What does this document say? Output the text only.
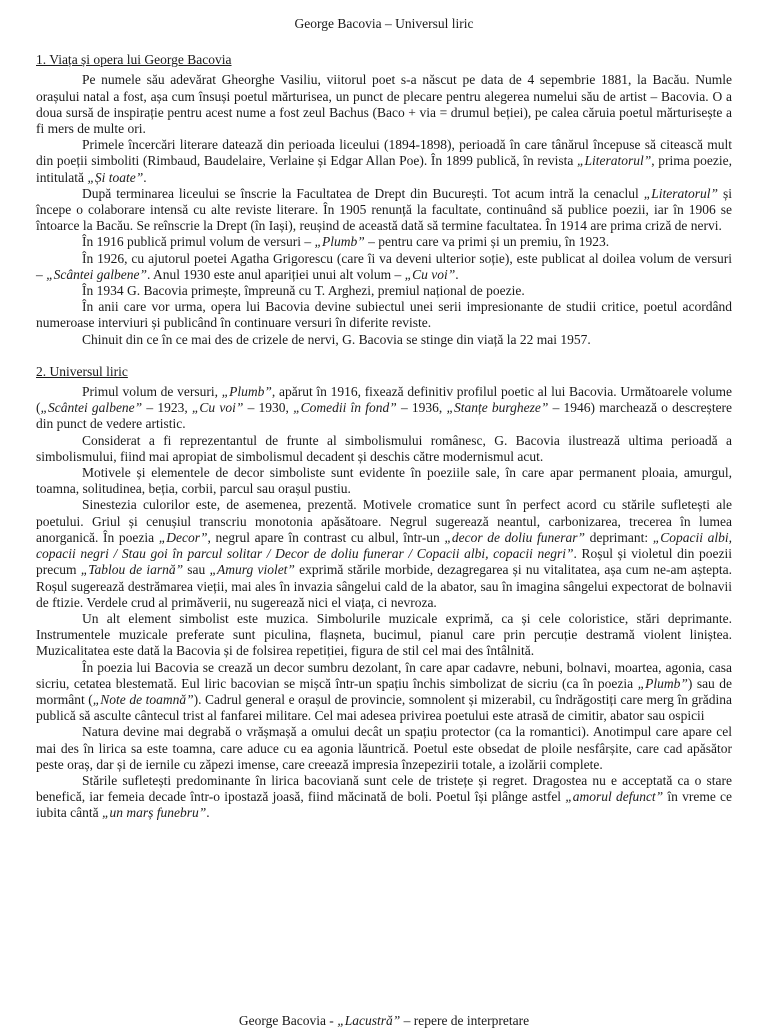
George Bacovia – Universul liric

1. Viața și opera lui George Bacovia

Pe numele său adevărat Gheorghe Vasiliu, viitorul poet s-a născut pe data de 4 sepembrie 1881, la Bacău. Numle orașului natal a fost, așa cum însuși poetul mărturisea, un punct de plecare pentru alegerea numelui său de artist – Bacovia. O a doua sursă de inspirație pentru acest nume a fost zeul Bachus (Baco + via = drumul beției), pe calea căruia poetul mărturisește a fi mers de multe ori.

Primele încercări literare datează din perioada liceului (1894-1898), perioadă în care tânărul începuse să citească mult din poeții simboliti (Rimbaud, Baudelaire, Verlaine și Edgar Allan Poe). În 1899 publică, în revista „Literatorul”, prima poezie, intitulată „Și toate”.

După terminarea liceului se înscrie la Facultatea de Drept din București. Tot acum intră la cenaclul „Literatorul” și începe o colaborare intensă cu alte reviste literare. În 1905 renunță la facultate, continuând să publice poezii, iar în 1906 se întoarce la Bacău. Se reînscrie la Drept (în Iași), reușind de această dată să termine facultatea. În 1914 are prima criză de nervi.

În 1916 publică primul volum de versuri – „Plumb” – pentru care va primi și un premiu, în 1923.

În 1926, cu ajutorul poetei Agatha Grigorescu (care îi va deveni ulterior soție), este publicat al doilea volum de versuri – „Scântei galbene”. Anul 1930 este anul apariției unui alt volum – „Cu voi”.

În 1934 G. Bacovia primește, împreună cu T. Arghezi, premiul național de poezie.

În anii care vor urma, opera lui Bacovia devine subiectul unei serii impresionante de studii critice, poetul acordând numeroase interviuri și publicând în continuare versuri în diferite reviste.

Chinuit din ce în ce mai des de crizele de nervi, G. Bacovia se stinge din viață la 22 mai 1957.

2. Universul liric

Primul volum de versuri, „Plumb”, apărut în 1916, fixează definitiv profilul poetic al lui Bacovia. Următoarele volume („Scântei galbene” – 1923, „Cu voi” – 1930, „Comedii în fond” – 1936, „Stanțe burgheze” – 1946) marchează o descreștere din punct de vedere artistic.

Considerat a fi reprezentantul de frunte al simbolismului românesc, G. Bacovia ilustrează ultima perioadă a simbolismului, fiind mai apropiat de simbolismul decadent și deschis către modernismul acut.

Motivele și elementele de decor simboliste sunt evidente în poeziile sale, în care apar permanent ploaia, amurgul, toamna, solitudinea, beția, corbii, parcul sau orașul pustiu.

Sinestezia culorilor este, de asemenea, prezentă. Motivele cromatice sunt în perfect acord cu stările sufletești ale poetului. Griul și cenușiul transcriu monotonia apăsătoare. Negrul sugerează neantul, carbonizarea, trecerea în lumea anorganică. În poezia „Decor”, negrul apare în contrast cu albul, într-un „decor de doliu funerar” deprimant: „Copacii albi, copacii negri / Stau goi în parcul solitar / Decor de doliu funerar / Copacii albi, copacii negri”. Roșul și violetul din poezii precum „Tablou de iarnă” sau „Amurg violet” exprimă stările morbide, dezagregarea și nu vitalitatea, așa cum ne-am aștepta. Roșul sugerează destrămarea vieții, mai ales în invazia sângelui cald de la abator, sau în imagina sângelui expectorat de bolnavii de ftizie. Verdele crud al primăverii, nu sugerează nici el viața, ci nevroza.

Un alt element simbolist este muzica. Simbolurile muzicale exprimă, ca și cele coloristice, stări deprimante. Instrumentele muzicale preferate sunt piculina, flașneta, bucimul, pianul care prin percuție destramă violent liniștea. Muzicalitatea este dată la Bacovia și de folsirea repetiției, figura de stil cel mai des întâlnită.

În poezia lui Bacovia se crează un decor sumbru dezolant, în care apar cadavre, nebuni, bolnavi, moartea, agonia, casa sicriu, cetatea blestemată. Eul liric bacovian se mișcă într-un spațiu închis simbolizat de sicriu (ca în poezia „Plumb”) sau de mormânt („Note de toamnă”). Cadrul general e orașul de provincie, somnolent și mizerabil, cu îndrăgostiți care merg în grădina publică să asculte cântecul trist al fanfarei militare. Cel mai adesea privirea poetului este atrasă de cimitir, abator sau ospicii

Natura devine mai degrabă o vrășmașă a omului decât un spațiu protector (ca la romantici). Anotimpul care apare cel mai des în lirica sa este toamna, care aduce cu ea agonia lăuntrică. Poetul este obsedat de ploile nesfârșite, care cad apăsător peste oraș, dar și de iernile cu zăpezi imense, care creează impresia înzepezirii totale, a izolării complete.

Stările sufletești predominante în lirica bacoviană sunt cele de tristețe și regret. Dragostea nu e acceptată ca o stare benefică, iar femeia decade într-o ipostază joasă, fiind măcinată de boli. Poetul își plânge astfel „amorul defunct” în vreme ce iubita cântă „un marș funebru”.

George Bacovia - „Lacustră” – repere de interpretare
